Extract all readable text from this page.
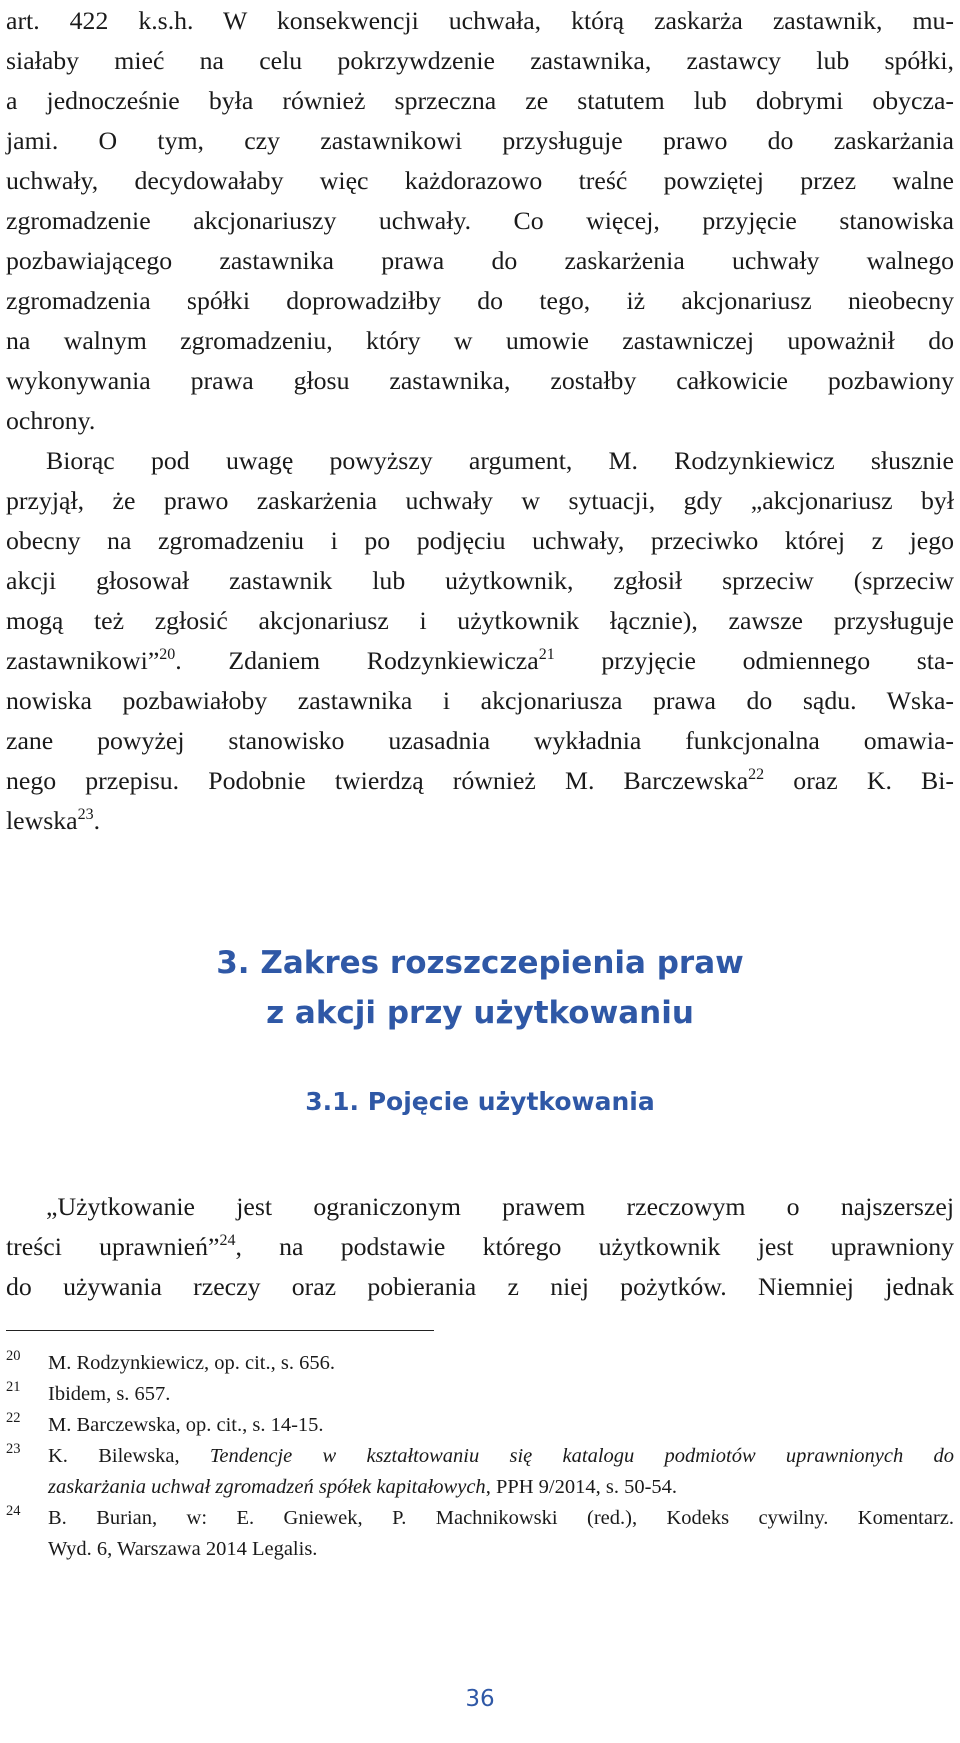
art. 422 k.s.h. W konsekwencji uchwała, którą zaskarża zastawnik, mu-
siałaby mieć na celu pokrzywdzenie zastawnika, zastawcy lub spółki,
a jednocześnie była również sprzeczna ze statutem lub dobrymi obycza-
jami. O tym, czy zastawnikowi przysługuje prawo do zaskarżania
uchwały, decydowałaby więc każdorazowo treść powziętej przez walne
zgromadzenie akcjonariuszy uchwały. Co więcej, przyjęcie stanowiska
pozbawiającego zastawnika prawa do zaskarżenia uchwały walnego
zgromadzenia spółki doprowadziłby do tego, iż akcjonariusz nieobecny
na walnym zgromadzeniu, który w umowie zastawniczej upoważnił do
wykonywania prawa głosu zastawnika, zostałby całkowicie pozbawiony
ochrony.
Biorąc pod uwagę powyższy argument, M. Rodzynkiewicz słusznie
przyjął, że prawo zaskarżenia uchwały w sytuacji, gdy „akcjonariusz był
obecny na zgromadzeniu i po podjęciu uchwały, przeciwko której z jego
akcji głosował zastawnik lub użytkownik, zgłosił sprzeciw (sprzeciw
mogą też zgłosić akcjonariusz i użytkownik łącznie), zawsze przysługuje
zastawnikowi”$^{20}$. Zdaniem Rodzynkiewicza$^{21}$ przyjęcie odmiennego sta-
nowiska pozbawiałoby zastawnika i akcjonariusza prawa do sądu. Wska-
zane powyżej stanowisko uzasadnia wykładnia funkcjonalna omawia-
nego przepisu. Podobnie twierdzą również M. Barczewska$^{22}$ oraz K. Bi-
lewska$^{23}$.
3. Zakres rozszczepienia praw
z akcji przy użytkowaniu
3.1. Pojęcie użytkowania
„Użytkowanie jest ograniczonym prawem rzeczowym o najszerszej
treści uprawnień”$^{24}$, na podstawie którego użytkownik jest uprawniony
do używania rzeczy oraz pobierania z niej pożytków. Niemniej jednak
20 M. Rodzynkiewicz, op. cit., s. 656.
21 Ibidem, s. 657.
22 M. Barczewska, op. cit., s. 14-15.
23 K. Bilewska, Tendencje w kształtowaniu się katalogu podmiotów uprawnionych do
zaskarżania uchwał zgromadzeń spółek kapitałowych, PPH 9/2014, s. 50-54.
24 B. Burian, w: E. Gniewek, P. Machnikowski (red.), Kodeks cywilny. Komentarz.
Wyd. 6, Warszawa 2014 Legalis.
36
